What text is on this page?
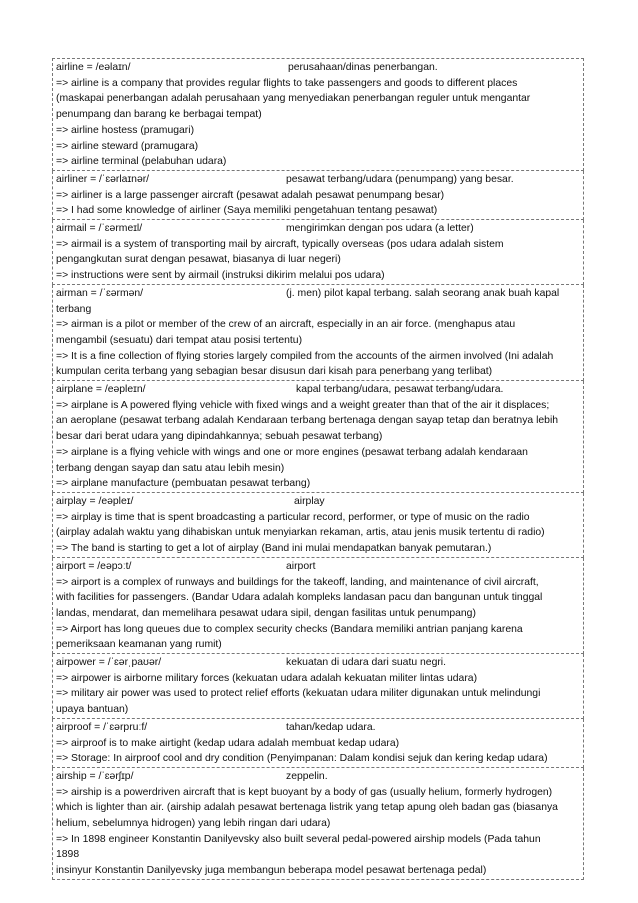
airline = /eəlaɪn/	perusahaan/dinas penerbangan.
=> airline is a company that provides regular flights to take passengers and goods to different places
(maskapai penerbangan adalah perusahaan yang menyediakan penerbangan reguler untuk mengantar
penumpang dan barang ke berbagai tempat)
=> airline hostess (pramugari)
=> airline steward (pramugara)
=> airline terminal (pelabuhan udara)
airliner = /ˈɛərlaɪnər/	pesawat terbang/udara (penumpang) yang besar.
=> airliner is a large passenger aircraft (pesawat adalah pesawat penumpang besar)
=> I had some knowledge of airliner (Saya memiliki pengetahuan tentang pesawat)
airmail = /ˈɛərmeɪl/	mengirimkan dengan pos udara (a letter)
=> airmail is a system of transporting mail by aircraft, typically overseas (pos udara adalah sistem
pengangkutan surat dengan pesawat, biasanya di luar negeri)
=> instructions were sent by airmail (instruksi dikirim melalui pos udara)
airman = /ˈɛərmən/	(j. men) pilot kapal terbang. salah seorang anak buah kapal
terbang
=> airman is a pilot or member of the crew of an aircraft, especially in an air force. (menghapus atau
mengambil (sesuatu) dari tempat atau posisi tertentu)
=> It is a fine collection of flying stories largely compiled from the accounts of the airmen involved (Ini adalah
kumpulan cerita terbang yang sebagian besar disusun dari kisah para penerbang yang terlibat)
airplane = /eəpleɪn/	kapal terbang/udara, pesawat terbang/udara.
=> airplane is A powered flying vehicle with fixed wings and a weight greater than that of the air it displaces;
an aeroplane (pesawat terbang adalah Kendaraan terbang bertenaga dengan sayap tetap dan beratnya lebih
besar dari berat udara yang dipindahkannya; sebuah pesawat terbang)
=> airplane is a flying vehicle with wings and one or more engines (pesawat terbang adalah kendaraan
terbang dengan sayap dan satu atau lebih mesin)
=> airplane manufacture (pembuatan pesawat terbang)
airplay = /eəpleɪ/	airplay
=> airplay is time that is spent broadcasting a particular record, performer, or type of music on the radio
(airplay adalah waktu yang dihabiskan untuk menyiarkan rekaman, artis, atau jenis musik tertentu di radio)
=> The band is starting to get a lot of airplay (Band ini mulai mendapatkan banyak pemutaran.)
airport = /eəpɔːt/	airport
=> airport is a complex of runways and buildings for the takeoff, landing, and maintenance of civil aircraft,
with facilities for passengers. (Bandar Udara adalah kompleks landasan pacu dan bangunan untuk tinggal
landas, mendarat, dan memelihara pesawat udara sipil, dengan fasilitas untuk penumpang)
=> Airport has long queues due to complex security checks (Bandara memiliki antrian panjang karena
pemeriksaan keamanan yang rumit)
airpower = /ˈɛərˌpaʊər/	kekuatan di udara dari suatu negri.
=> airpower is airborne military forces (kekuatan udara adalah kekuatan militer lintas udara)
=> military air power was used to protect relief efforts (kekuatan udara militer digunakan untuk melindungi
upaya bantuan)
airproof = /ˈɛərpruːf/	tahan/kedap udara.
=> airproof is to make airtight (kedap udara adalah membuat kedap udara)
=> Storage: In airproof cool and dry condition (Penyimpanan: Dalam kondisi sejuk dan kering kedap udara)
airship = /ˈɛərʃɪp/	zeppelin.
=> airship is a powerdriven aircraft that is kept buoyant by a body of gas (usually helium, formerly hydrogen)
which is lighter than air. (airship adalah pesawat bertenaga listrik yang tetap apung oleh badan gas (biasanya
helium, sebelumnya hidrogen) yang lebih ringan dari udara)
=> In 1898 engineer Konstantin Danilyevsky also built several pedal-powered airship models (Pada tahun
1898
insinyur Konstantin Danilyevsky juga membangun beberapa model pesawat bertenaga pedal)
